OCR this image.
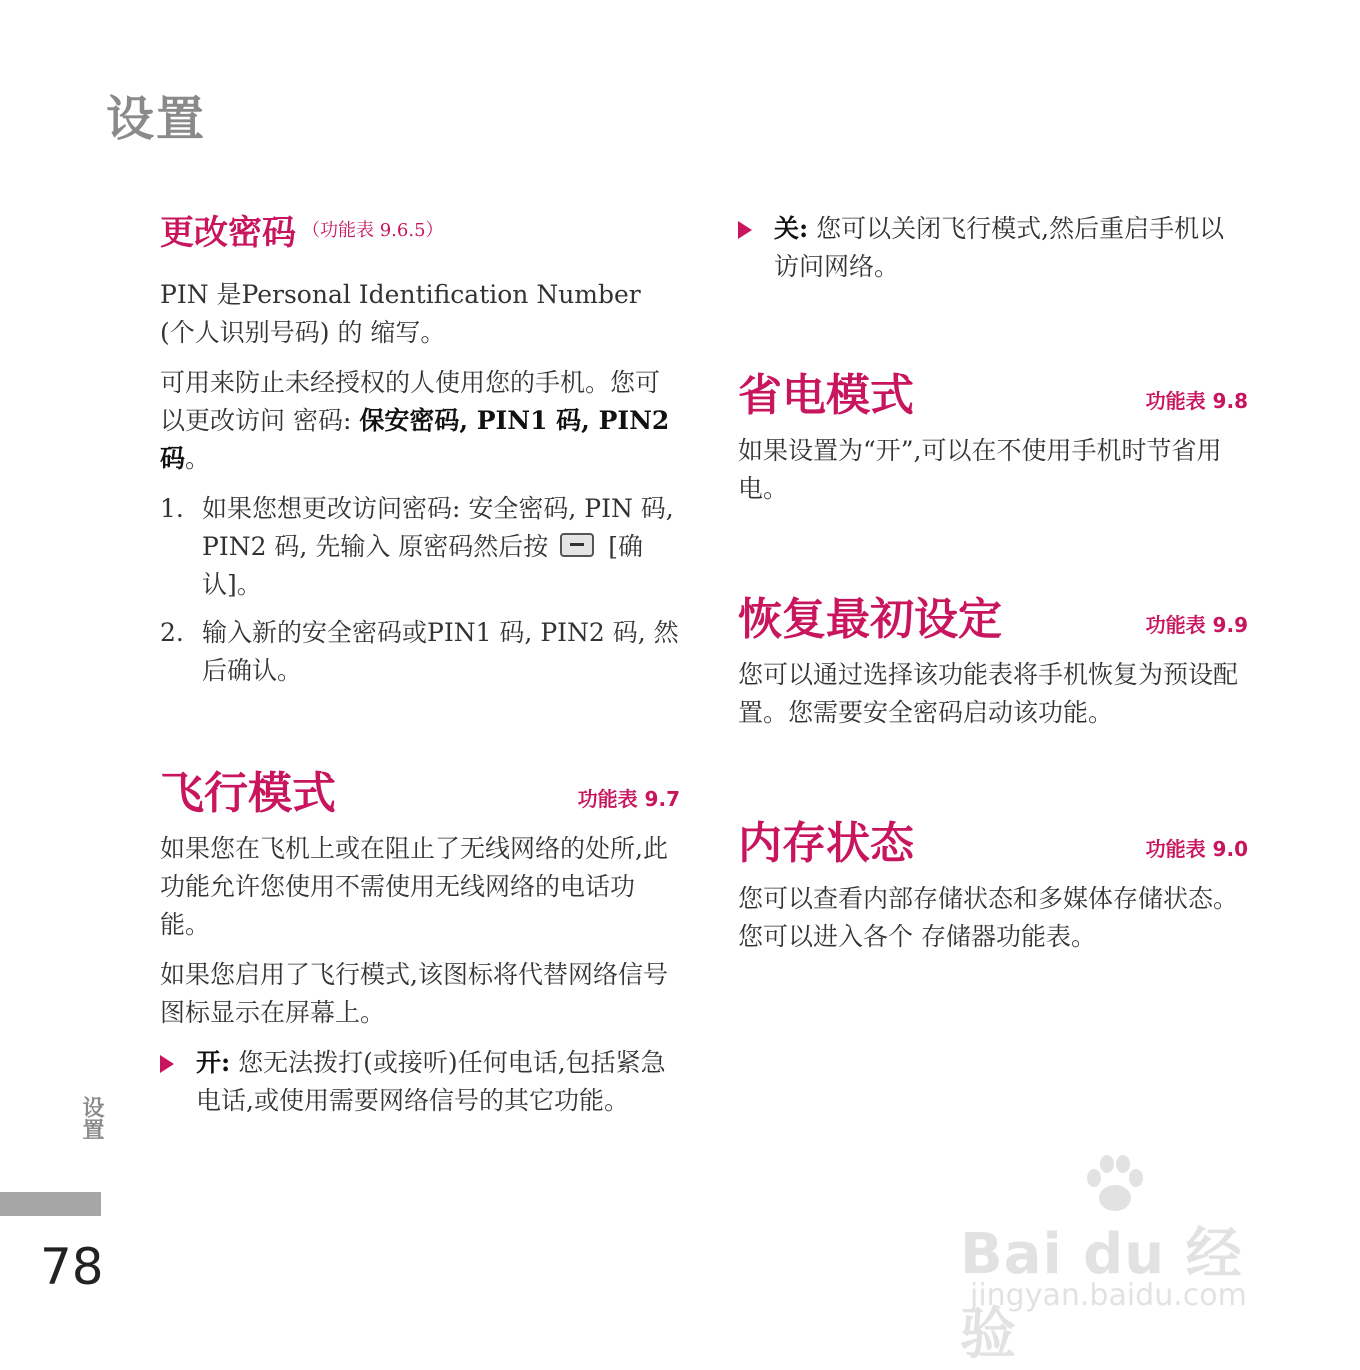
设置
更改密码 $^{(功能表 9.6.5)}$

PIN 是Personal Identification Number (个人识别号码) 的 缩写。

可用来防止未经授权的人使用您的手机。您可以更改访问 密码: 保安密码, PIN1 码, PIN2 码。

1. 如果您想更改访问密码: 安全密码, PIN 码, PIN2 码, 先输入 原密码然后按 [确认]。
2. 输入新的安全密码或PIN1 码, PIN2 码, 然后确认。
飞行模式	功能表 9.7

如果您在飞机上或在阻止了无线网络的处所,此功能允许您使用不需使用无线网络的电话功能。

如果您启用了飞行模式,该图标将代替网络信号图标显示在屏幕上。

开: 您无法拨打(或接听)任何电话,包括紧急电话,或使用需要网络信号的其它功能。
关: 您可以关闭飞行模式,然后重启手机以访问网络。
省电模式	功能表 9.8

如果设置为“开”,可以在不使用手机时节省用电。

恢复最初设定	功能表 9.9

您可以通过选择该功能表将手机恢复为预设配置。您需要安全密码启动该功能。

内存状态	功能表 9.0

您可以查看内部存储状态和多媒体存储状态。您可以进入各个 存储器功能表。

设置
78	Bai du 经验
jingyan.baidu.com
